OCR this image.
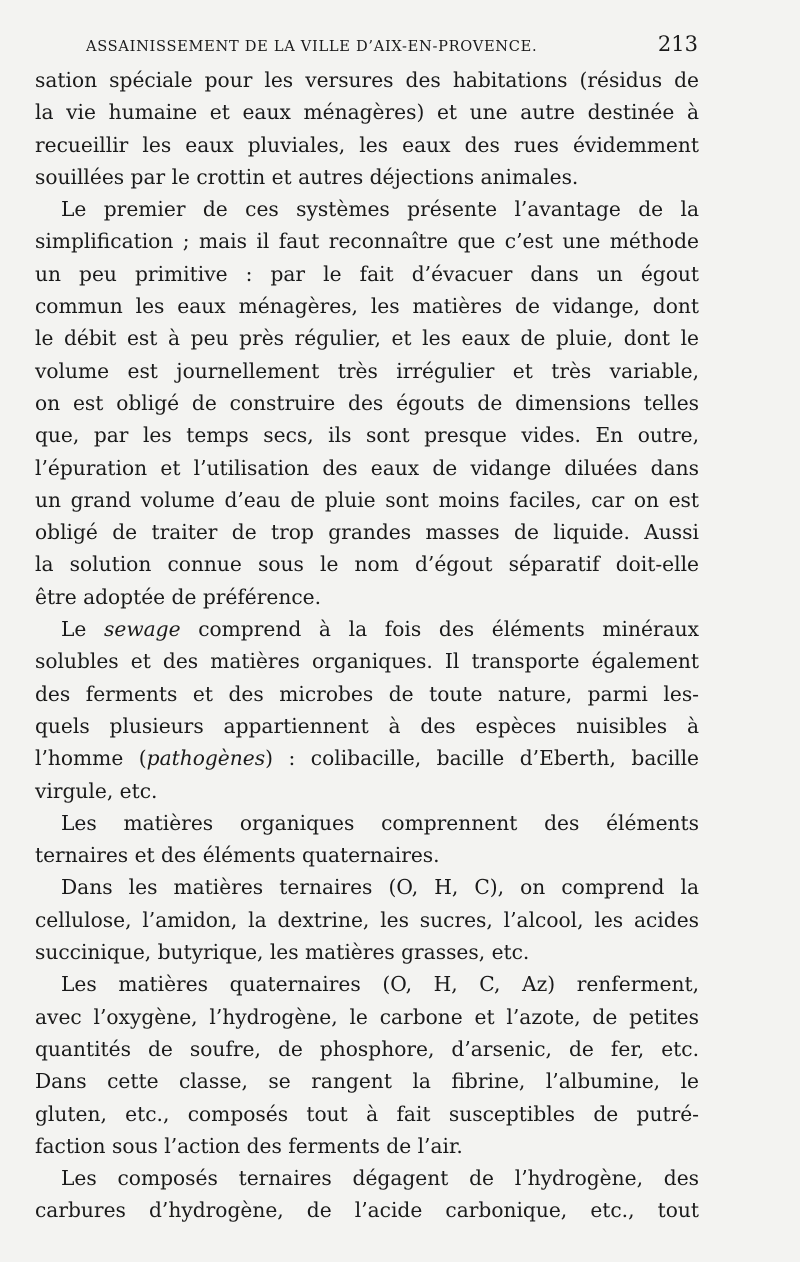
ASSAINISSEMENT DE LA VILLE D’AIX-EN-PROVENCE.	213
sation spéciale pour les versures des habitations (résidus de
la vie humaine et eaux ménagères) et une autre destinée à
recueillir les eaux pluviales, les eaux des rues évidemment
souillées par le crottin et autres déjections animales.
Le premier de ces systèmes présente l’avantage de la
simplification ; mais il faut reconnaître que c’est une méthode
un peu primitive : par le fait d’évacuer dans un égout
commun les eaux ménagères, les matières de vidange, dont
le débit est à peu près régulier, et les eaux de pluie, dont le
volume est journellement très irrégulier et très variable,
on est obligé de construire des égouts de dimensions telles
que, par les temps secs, ils sont presque vides. En outre,
l’épuration et l’utilisation des eaux de vidange diluées dans
un grand volume d’eau de pluie sont moins faciles, car on est
obligé de traiter de trop grandes masses de liquide. Aussi
la solution connue sous le nom d’égout séparatif doit-elle
être adoptée de préférence.
Le sewage comprend à la fois des éléments minéraux
solubles et des matières organiques. Il transporte également
des ferments et des microbes de toute nature, parmi les-
quels plusieurs appartiennent à des espèces nuisibles à
l’homme (pathogènes) : colibacille, bacille d’Eberth, bacille
virgule, etc.
Les matières organiques comprennent des éléments
ternaires et des éléments quaternaires.
Dans les matières ternaires (O, H, C), on comprend la
cellulose, l’amidon, la dextrine, les sucres, l’alcool, les acides
succinique, butyrique, les matières grasses, etc.
Les matières quaternaires (O, H, C, Az) renferment,
avec l’oxygène, l’hydrogène, le carbone et l’azote, de petites
quantités de soufre, de phosphore, d’arsenic, de fer, etc.
Dans cette classe, se rangent la fibrine, l’albumine, le
gluten, etc., composés tout à fait susceptibles de putré-
faction sous l’action des ferments de l’air.
Les composés ternaires dégagent de l’hydrogène, des
carbures d’hydrogène, de l’acide carbonique, etc., tout
